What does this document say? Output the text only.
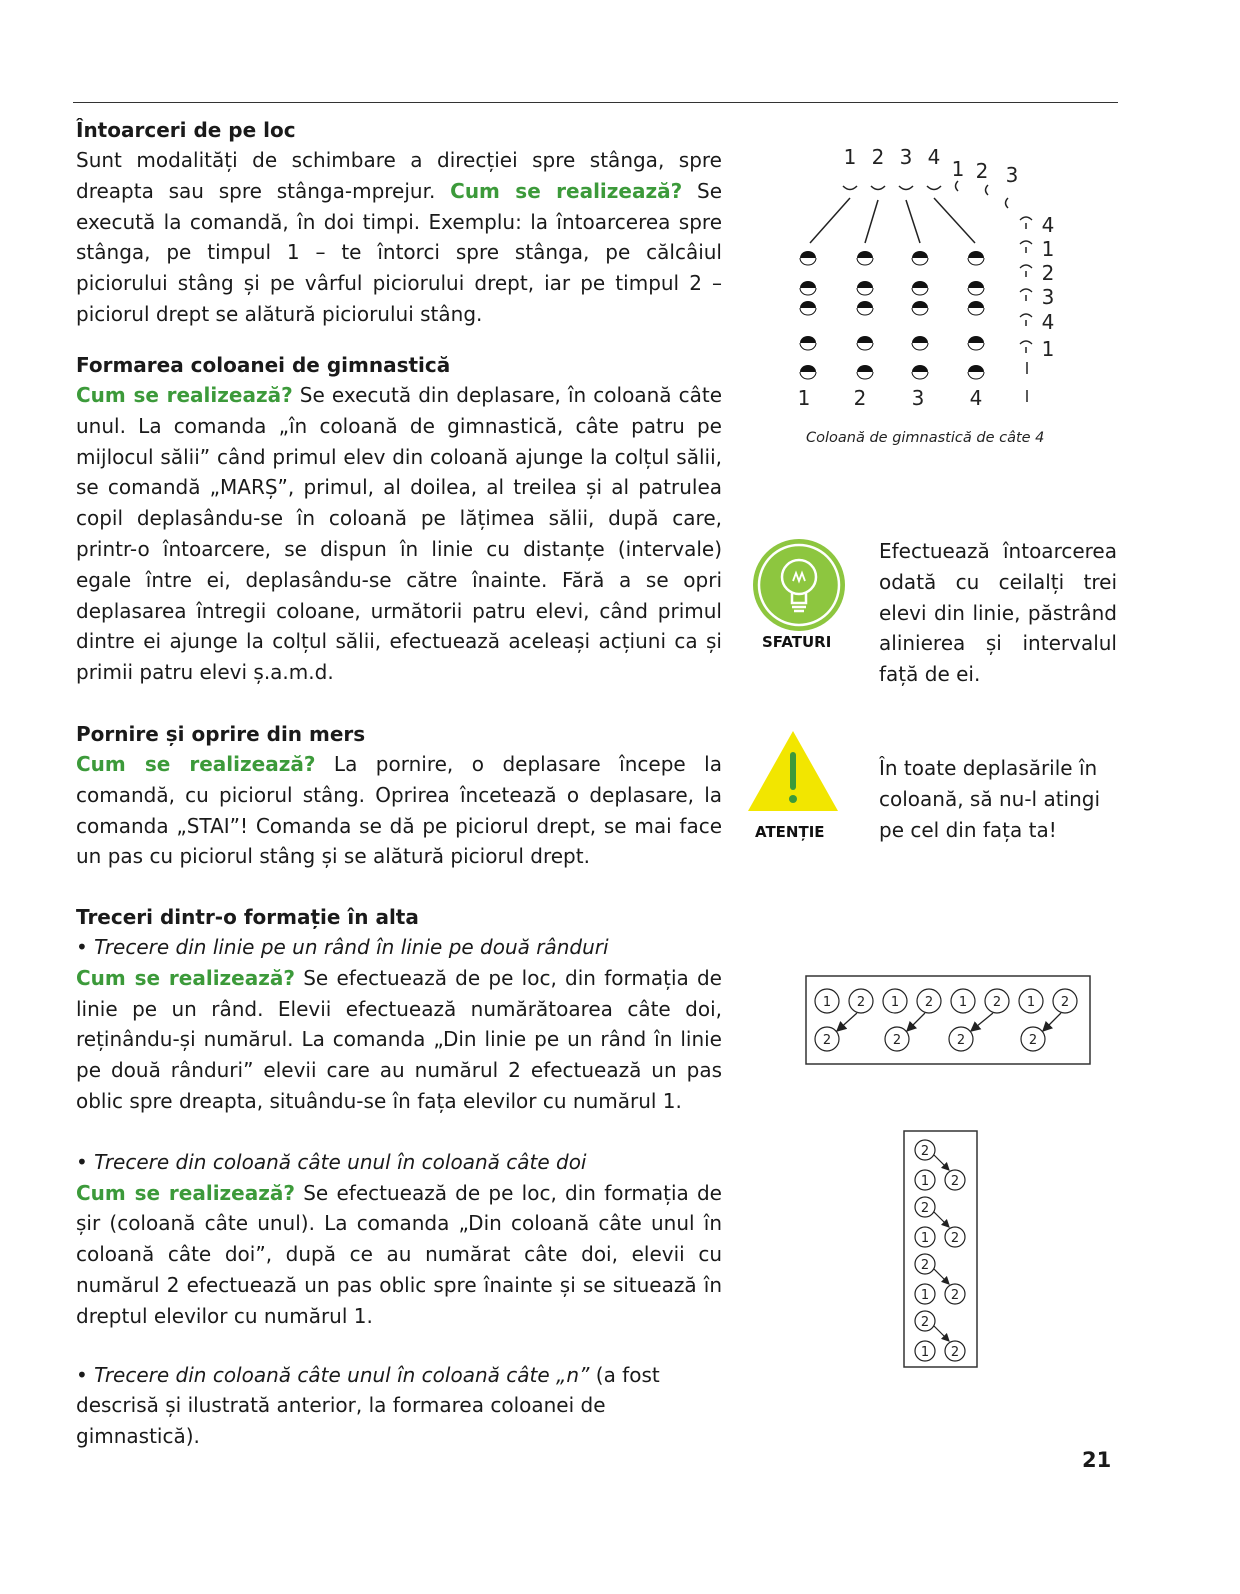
Întoarceri de pe loc

Sunt modalități de schimbare a direcției spre stânga, spre dreapta sau spre stânga-mprejur. Cum se realizează? Se execută la comandă, în doi timpi. Exemplu: la întoarcerea spre stânga, pe timpul 1 – te întorci spre stânga, pe călcâiul piciorului stâng și pe vârful piciorului drept, iar pe timpul 2 – piciorul drept se alătură piciorului stâng.

Formarea coloanei de gimnastică

Cum se realizează? Se execută din deplasare, în coloană câte unul. La comanda „în coloană de gimnastică, câte patru pe mijlocul sălii” când primul elev din coloană ajunge la colțul sălii, se comandă „MARȘ”, primul, al doilea, al treilea și al patrulea copil deplasându-se în coloană pe lățimea sălii, după care, printr-o întoarcere, se dispun în linie cu distanțe (intervale) egale între ei, deplasându-se către înainte. Fără a se opri deplasarea întregii coloane, următorii patru elevi, când primul dintre ei ajunge la colțul sălii, efectuează aceleași acțiuni ca și primii patru elevi ș.a.m.d.

Pornire și oprire din mers

Cum se realizează? La pornire, o deplasare începe la comandă, cu piciorul stâng. Oprirea încetează o deplasare, la comanda „STAI”! Comanda se dă pe piciorul drept, se mai face un pas cu piciorul stâng și se alătură piciorul drept.

Treceri dintr-o formație în alta

• Trecere din linie pe un rând în linie pe două rânduri

Cum se realizează? Se efectuează de pe loc, din formația de linie pe un rând. Elevii efectuează numărătoarea câte doi, reținându-și numărul. La comanda „Din linie pe un rând în linie pe două rânduri” elevii care au numărul 2 efectuează un pas oblic spre dreapta, situându-se în fața elevilor cu numărul 1.

• Trecere din coloană câte unul în coloană câte doi

Cum se realizează? Se efectuează de pe loc, din formația de șir (coloană câte unul). La comanda „Din coloană câte unul în coloană câte doi”, după ce au numărat câte doi, elevii cu numărul 2 efectuează un pas oblic spre înainte și se situează în dreptul elevilor cu numărul 1.

• Trecere din coloană câte unul în coloană câte „n” (a fost descrisă și ilustrată anterior, la formarea coloanei de gimnastică).

1 2 3 4 1 2 3
4
1
2
3
4
1
1 2 3 4
Coloană de gimnastică de câte 4
SFATURI
Efectuează întoarcerea odată cu ceilalți trei elevi din linie, păstrând alinierea și intervalul față de ei.
ATENȚIE
În toate deplasările în coloană, să nu-l atingi pe cel din fața ta!
1 2 1 2 1 2 1 2
2	2	2	2
2
1 2
2
1 2
2
1 2
2
1 2
21
